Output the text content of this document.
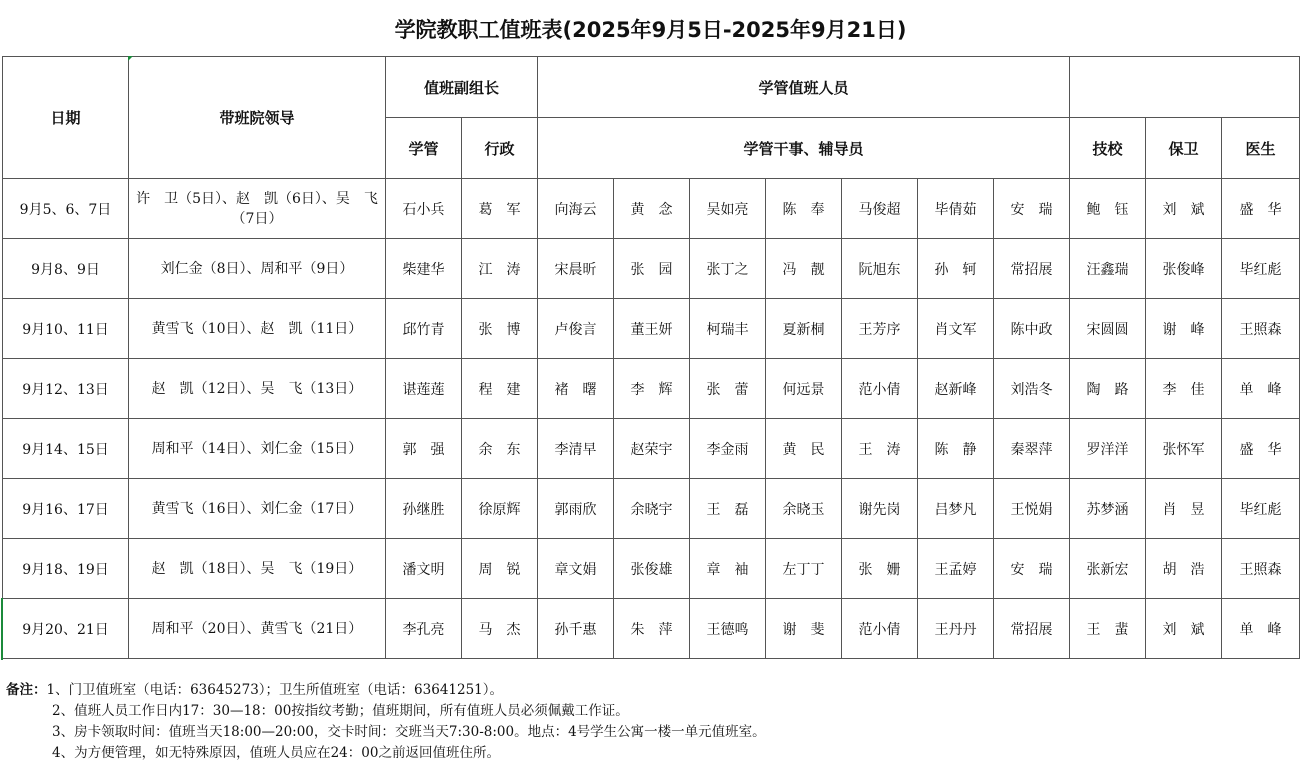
学院教职工值班表(2025年9月5日-2025年9月21日)
日期	带班院领导	值班副组长		学管值班人员									
		学管	行政	学管干事、辅导员							技校	保卫	医生
9月5、6、7日	许　卫（5日）、赵　凯（6日）、吴　飞（7日）	石小兵	葛　军	向海云	黄　念	吴如亮	陈　奉	马俊超	毕倩茹	安　瑞	鲍　钰	刘　斌	盛　华
9月8、9日	刘仁金（8日）、周和平（9日）	柴建华	江　涛	宋晨昕	张　园	张丁之	冯　靓	阮旭东	孙　轲	常招展	汪鑫瑞	张俊峰	毕红彪
9月10、11日	黄雪飞（10日）、赵　凯（11日）	邱竹青	张　博	卢俊言	董王妍	柯瑞丰	夏新桐	王芳序	肖文军	陈中政	宋圆圆	谢　峰	王照森
9月12、13日	赵　凯（12日）、吴　飞（13日）	谌莲莲	程　建	褚　曙	李　辉	张　蕾	何远景	范小倩	赵新峰	刘浩冬	陶　路	李　佳	单　峰
9月14、15日	周和平（14日）、刘仁金（15日）	郭　强	余　东	李清早	赵荣宇	李金雨	黄　民	王　涛	陈　静	秦翠萍	罗洋洋	张怀军	盛　华
9月16、17日	黄雪飞（16日）、刘仁金（17日）	孙继胜	徐原辉	郭雨欣	余晓宇	王　磊	余晓玉	谢先岗	吕梦凡	王悦娟	苏梦涵	肖　昱	毕红彪
9月18、19日	赵　凯（18日）、吴　飞（19日）	潘文明	周　锐	章文娟	张俊雄	章　袖	左丁丁	张　姗	王孟婷	安　瑞	张新宏	胡　浩	王照森
9月20、21日	周和平（20日）、黄雪飞（21日）	李孔亮	马　杰	孙千惠	朱　萍	王德鸣	谢　斐	范小倩	王丹丹	常招展	王　蜚	刘　斌	单　峰
备注：1、门卫值班室（电话：63645273）；卫生所值班室（电话：63641251）。
2、值班人员工作日内17：30—18：00按指纹考勤；值班期间，所有值班人员必须佩戴工作证。
3、房卡领取时间：值班当天18:00—20:00，交卡时间：交班当天7:30-8:00。地点：4号学生公寓一楼一单元值班室。
4、为方便管理，如无特殊原因，值班人员应在24：00之前返回值班住所。
